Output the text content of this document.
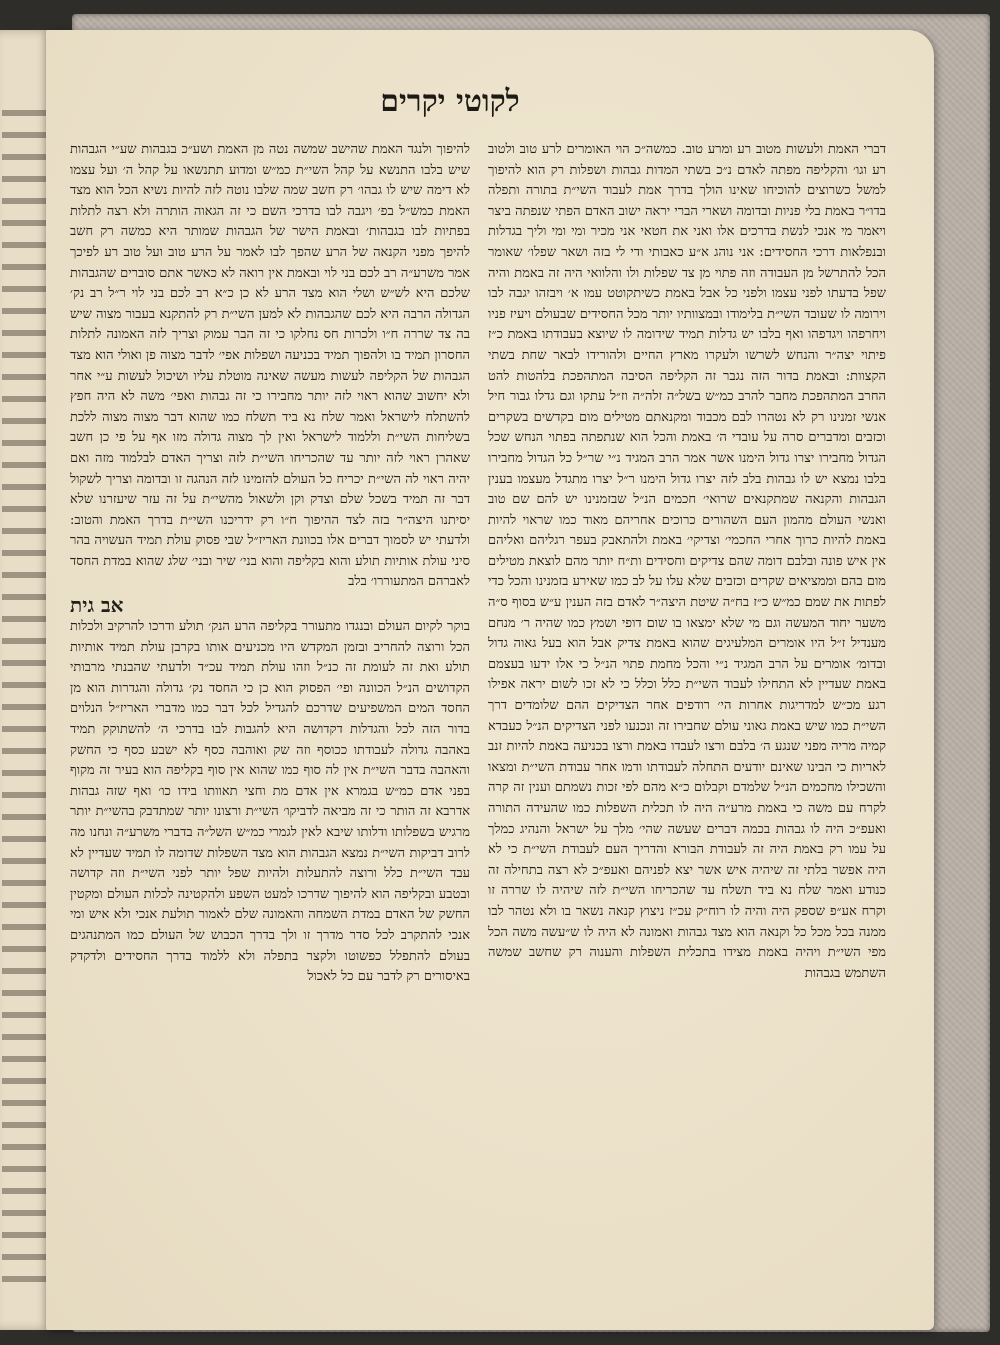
לקוטי יקרים
דברי האמת ולעשות מטוב רע ומרע טוב. כמשה״כ הוי האומרים לרע טוב ולטוב רע וגו׳ והקליפה מפתה לאדם נ״כ בשתי המדות גבהות ושפלות רק הוא להיפוך למשל כשרוצים להוכיחו שאינו הולך בדרך אמת לעבוד השי״ת בתורה ותפלה בדו״ר באמת בלי פניות ובדומה ושארי הברי יראה ישוב האדם הפתי שנפתה ביצר ויאמר מי אנכי לנשת בדרכים אלו ואני את חטאי אני מכיר ומי ומי וליך בגדלות ובנפלאות דרכי החסידים: אני נוהג א״ע כאבותי ודי לי בזה ושאר שפלו׳ שאומר הכל להתרשל מן העבודה וזה פתוי מן צד שפלות ולו והלוואי היה זה באמת והיה שפל בדעתו לפני עצמו ולפני כל אבל באמת כשיתקוטט עמו א׳ ויבזהו יגבה לבו וירומה לו שעובד השי״ת בלימודו ובמצוותיו יותר מכל החסידים שבעולם ויעיז פניו ויחרפהו ויגדפהו ואף בלבו יש גדלות תמיד שידומה לו שיוצא בעבודתו באמת כ״ז פיתוי יצה״ר והנחש לשרשו ולעקרו מארץ החיים ולהורידו לבאר שחת בשתי הקצוות: ובאמת בדור הזה נגבר זה הקליפה הסיבה המתהפכת בלהטות להט החרב המתהפכת מחבר להרב כמ״ש בשל״ה זלה״ה וז״ל עתקו וגם גדלו גבור חיל אנשי זמנינו רק לא נטהרו לבם מכבוד ומקנאתם מטילים מום בקדשים בשקרים וכזבים ומדברים סרה על עובדי ה׳ באמת והכל הוא שנתפתה בפתוי הנחש שכל הגדול מחבירו יצרו גדול הימנו אשר אמר הרב המגיד נ״י שר״ל כל הגדול מחבירו בלבו נמצא יש לו גבהות בלב לזה יצרו גדול הימנו ר״ל יצרו מתגדל מעצמו בענין הגבהות והקנאה שמתקנאים שרואי׳ חכמים הנ״ל שבזמנינו יש להם שם טוב ואנשי העולם מהמון העם השהורים כרוכים אחריהם מאוד כמו שראוי להיות באמת להיות כרוך אחרי החכמי׳ וצדיקי׳ באמת ולהתאבק בעפר רגליהם ואליהם אין איש פונה ובלבם דומה שהם צדיקים וחסידים ות״ח יותר מהם לוצאת מטילים מום בהם וממציאים שקרים וכזבים שלא עלו על לב כמו שאירע בזמנינו והכל כדי לפתות את שמם כמ״ש כ״ז בח״ה שיטת היצה״ר לאדם בזה הענין ע״ש בסוף ס״ה משער יחוד המעשה וגם מי שלא ימצאו בו שום דופי ושמץ כמו שהיה ר׳ מנחם מענדיל ז״ל היו אומרים המלעיגים שהוא באמת צדיק אבל הוא בעל גאוה גדול ובדומ׳ אומרים על הרב המגיד נ״י והכל מחמת פתוי הנ״ל כי אלו ידעו בעצמם באמת שעדיין לא התחילו לעבוד השי״ת כלל וכלל כי לא זכו לשום יראה אפילו רגע מכ״ש למדריגות אחרות הי׳ רודפים אחר הצדיקים ההם שלומדים דרך השי״ת כמו שיש באמת גאוני עולם שחבירו זה ונכנעו לפני הצדיקים הנ״ל כעבדא קמיה מריה מפני שנגע ה׳ בלבם ורצו לעבדו באמת ורצו בכניעה באמת להיות זנב לאריות כי הבינו שאינם יודעים התחלה לעבודתו ודמו אחר עבודת השי״ת ומצאו והשכילו מחכמים הנ״ל שלמדם וקבלום כ״א מהם לפי זכות נשמתם וענין זה קרה לקרח עם משה כי באמת מרע״ה היה לו תכלית השפלות כמו שהעידה התורה ואעפ״כ היה לו גבהות בכמה דברים שעשה שהי׳ מלך על ישראל והנהיג כמלך על עמו רק באמת היה זה לעבודת הבורא והדריך העם לעבודת השי״ת כי לא היה אפשר בלתי זה שיהיה איש אשר יצא לפניהם ואעפ״כ לא רצה בתחילה זה כנודע ואמר שלח נא ביד תשלח עד שהכריחו השי״ת לזה שיהיה לו שררה זו וקרח אע״פ שספק היה והיה לו רוח״ק עכ״ז ניצוץ קנאה נשאר בו ולא נטהר לבו ממנה בכל מכל כל וקנאה הוא מצד גבהות ואמונה לא היה לו ש״עשה משה הכל מפי השי״ת ויהיה באמת מצידו בתכלית השפלות והענוה רק שחשב שמשה השתמש בגבהות
להיפוך ולנגד האמת שהישב שמשה נטה מן האמת ושע״כ בגבהות שע״י הגבהות שיש בלבו התנשא על קהל השי״ת כמ״ש ומדוע תתנשאו על קהל ה׳ ועל עצמו לא דימה שיש לו גבהו׳ רק חשב שמה שלבו נוטה לזה להיות נשיא הכל הוא מצד האמת כמש״ל בפ׳ ויגבה לבו בדרכי השם כי זה הגאוה הותרה ולא רצה לתלות בפתיות לבו בגבהות׳ ובאמת הישר של הגבהות שמותר היא כמשה רק חשב להיפך מפני הקנאה של הרע שהפך לבו לאמר על הרע טוב ועל טוב רע לפיכך אמר משרע״ה רב לכם בני לוי ובאמת אין רואה לא כאשר אתם סוברים שהגבהות שלכם היא לש״ש ושלי הוא מצד הרע לא כן כ״א רב לכם בני לוי ר״ל רב נק׳ הגדולה הרבה היא לכם שהגבהות לא למען השי״ת רק להתקנא בעבור מצוה שיש בה צד שררה ח״ו ולכרות חס נחלקו כי זה הבר עמוק וצריך לזה האמונה לתלות החסרון תמיד בו ולהפוך תמיד בכניעה ושפלות אפי׳ לדבר מצוה פן ואולי הוא מצד הגבהות של הקליפה לעשות מעשה שאינה מוטלת עליו ושיכול לעשות ע״י אחר ולא יחשוב שהוא ראוי לזה יותר מחבירו כי זה גבהות ואפי׳ משה לא היה חפץ להשתלח לישראל ואמר שלח נא ביד תשלח כמו שהוא דבר מצוה מצוה ללכת בשליחות השי״ת וללמוד לישראל ואין לך מצוה גדולה מזו אף על פי כן חשב שאהרן ראוי לזה יותר עד שהכריחו השי״ת לזה וצריך האדם לבלמוד מזה ואם יהיה ראוי לה השי״ת יכריח כל העולם להזמינו לזה הנהגה זו ובדומה וצריך לשקול דבר זה תמיד בשכל שלם וצדק וקן ולשאול מהשי״ת על זה עזר שיעזרנו שלא יסיתנו היצה״ר בזה לצד ההיפוך ח״ו רק ידריכנו השי״ת בדרך האמת והטוב: ולדעתי יש לסמוך דברים אלו בכוונת האריז״ל שבי פסוק עולת תמיד העשויה בהר סיני עולת אותיות תולע והוא בקליפה והוא בני׳ שיר ובני׳ שלג שהוא במדת החסד לאברהם המתעוררו׳ בלב
אב גית
בוקר לקיום העולם ובנגדו מתעורר בקליפה הרע הנק׳ תולע ודרכו להרקיב ולכלות הכל ורוצה להחריב ובזמן המקדש היו מכניעים אותו בקרבן עולת תמיד אותיות תולע ואת זה לעומת זה כנ״ל וזהו עולת תמיד עכ״ד ולדעתי שהבנתי מרבותי הקדושים הנ״ל הכוונה ופי׳ הפסוק הוא כן כי החסד נק׳ גדולה והגדרות הוא מן החסד המים המשפיעים שדרכם להגדיל לכל דבר כמו מדברי האריז״ל הנלוים בדור הזה לכל והגדלות דקדושה היא להגבות לבו בדרכי ה׳ להשתוקק תמיד באהבה גדולה לעבודתו ככוסף וזה שק ואוהבה כסף לא ישבע כסף כי החשק והאהבה בדבר השי״ת אין לה סוף כמו שהוא אין סוף בקליפה הוא בעיר זה מקוף בפני אדם כמ״ש בגמרא אין אדם מת וחצי תאוותו בידו כו׳ ואף שזה גבהות אדרבא זה הותר כי זה מביאה לדביקו׳ השי״ת ורצונו יותר שמתדבק בהשי״ת יותר מרגיש בשפלותו ודלותו שיבא לאין לגמרי כמ״ש השל״ה בדברי משרע״ה ונחנו מה לרוב דביקות השי״ת נמצא הגבהות הוא מצד השפלות שדומה לו תמיד שעדיין לא עבד השי״ת כלל ורוצה להתעלות ולהיות שפל יותר לפני השי״ת וזה קדושה ובטבע ובקליפה הוא להיפוך שדרכו למעט השפע ולהקטינה לכלות העולם ומקטין החשק של האדם במדת השמחה והאמונה שלם לאמור תולעת אנכי ולא איש ומי אנכי להתקרב לכל סדר מדרך זו ולך בדרך הכבוש של העולם כמו המתנהגים בעולם להתפלל כפשוטו ולקצר בתפלה ולא ללמוד בדרך החסידים ולדקדק באיסורים רק לדבר עם כל לאכול
